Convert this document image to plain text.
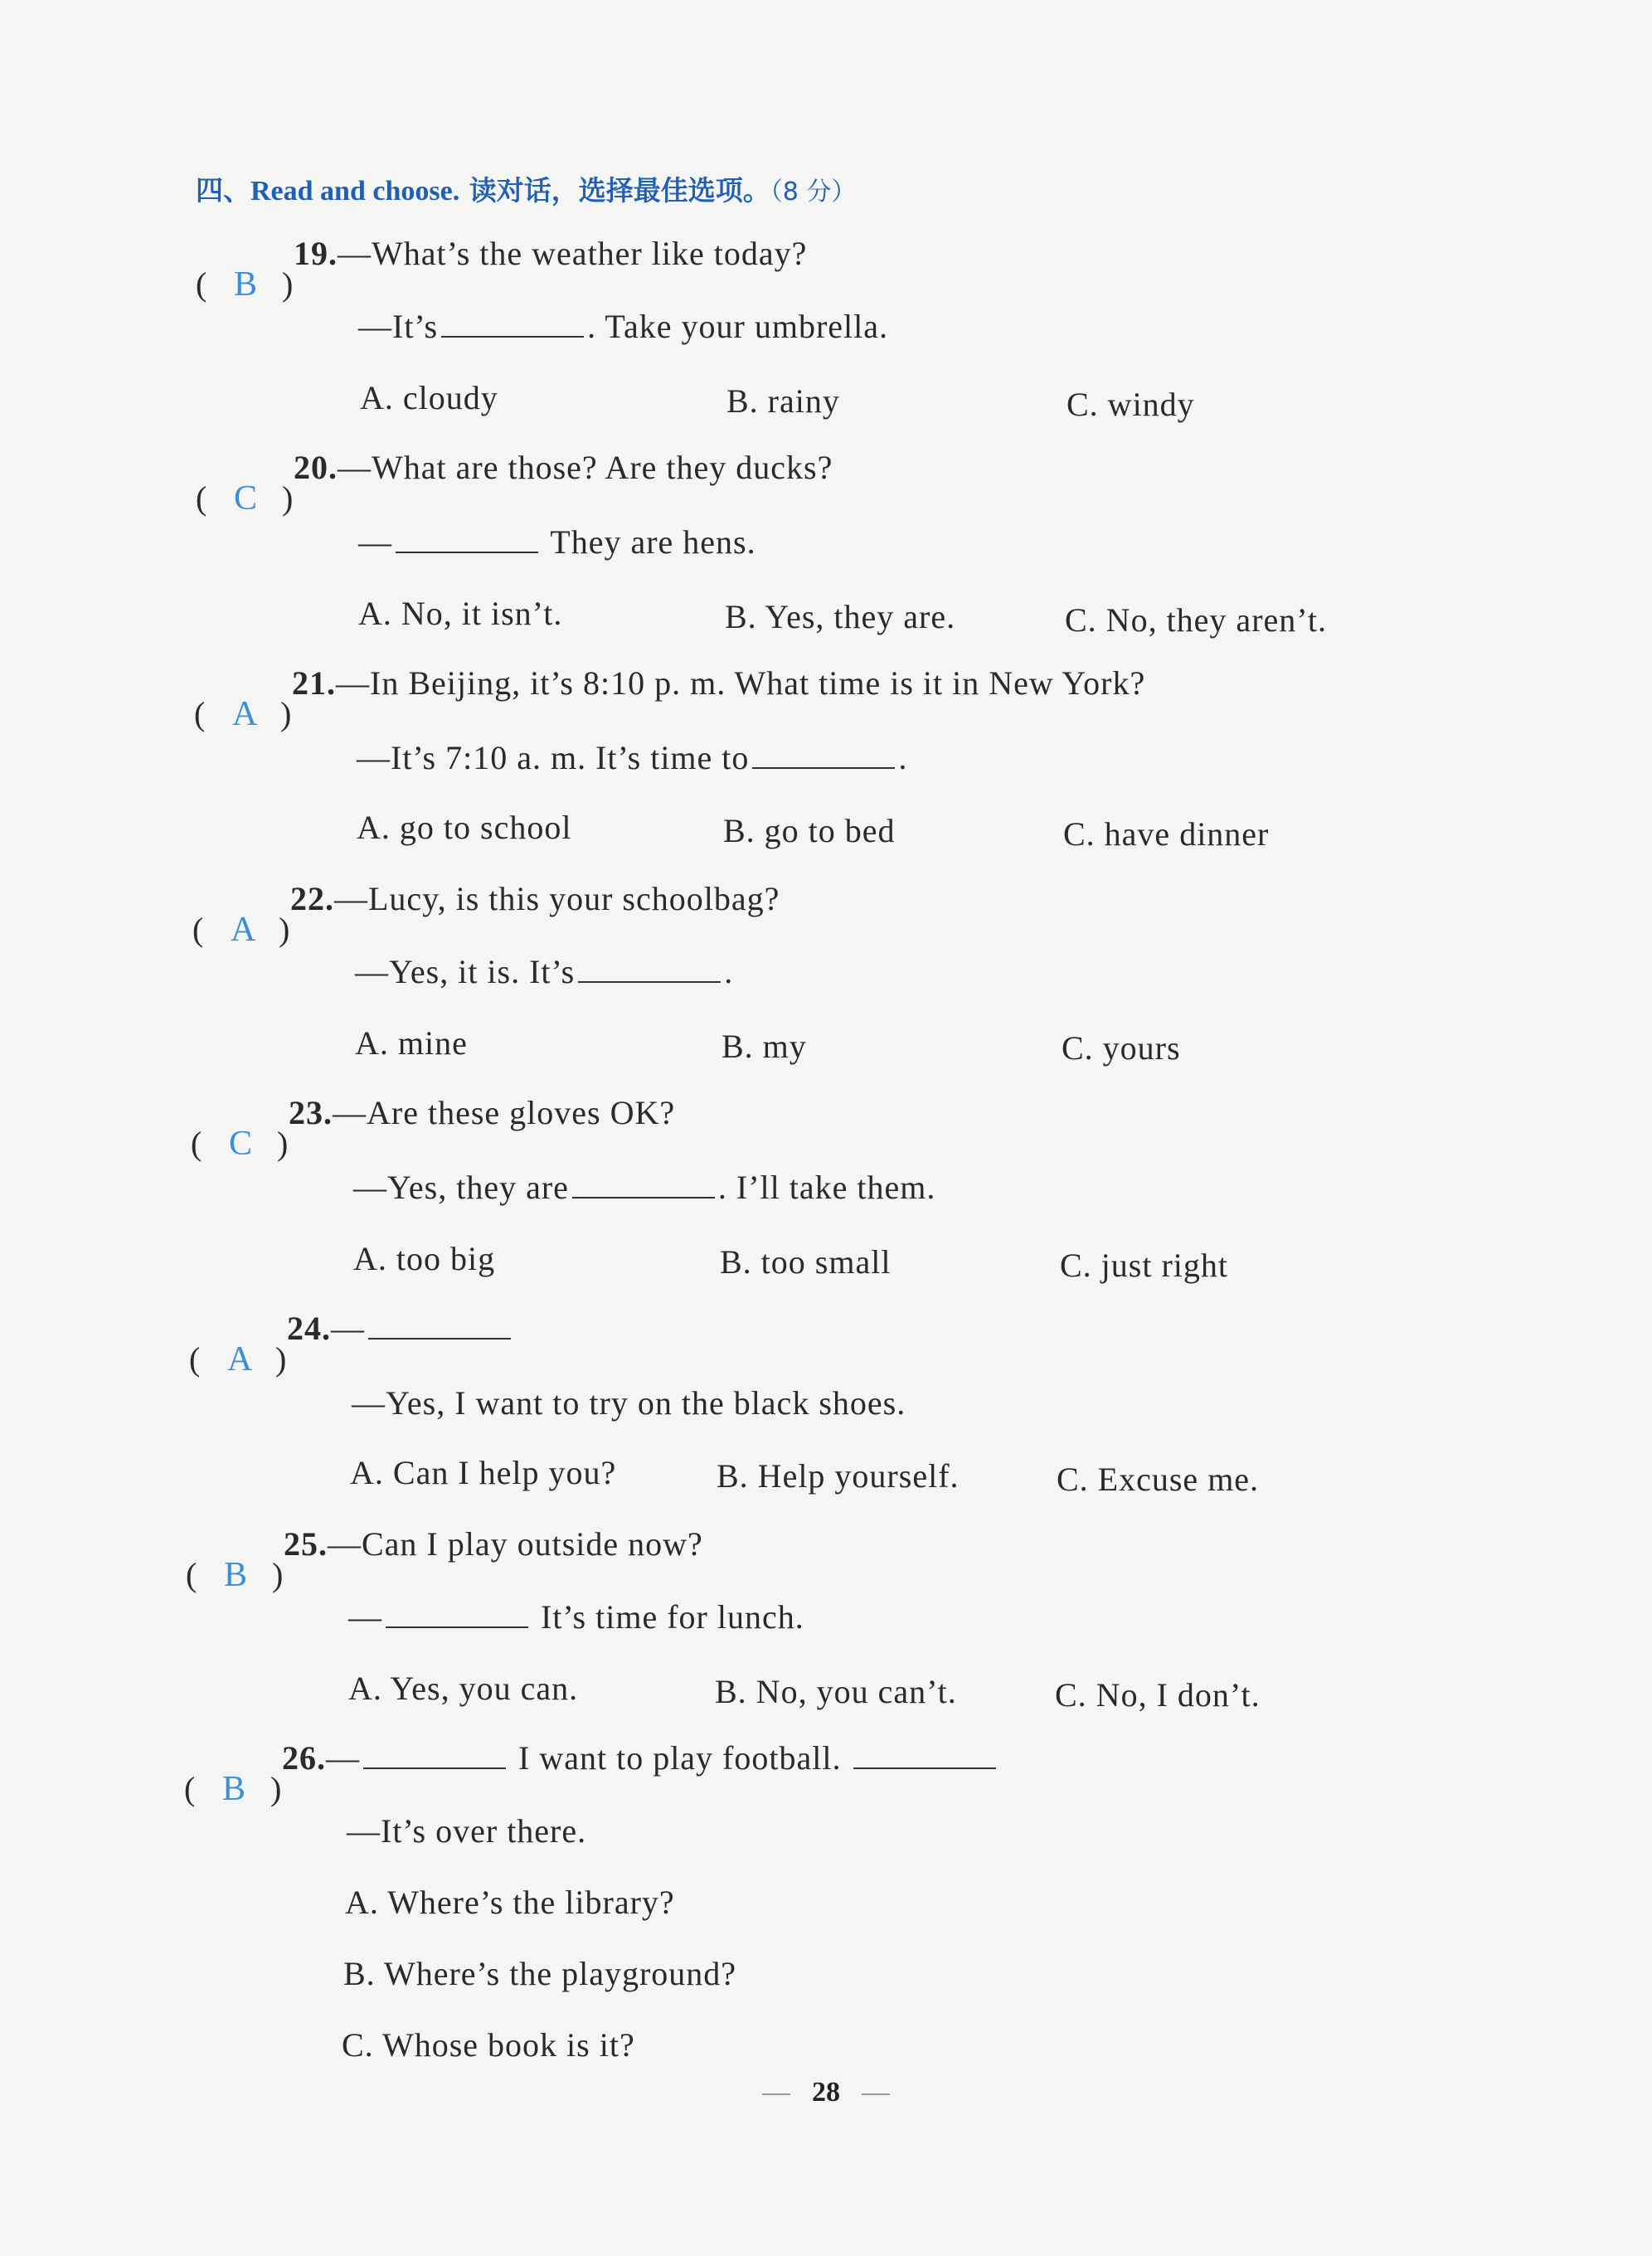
四、Read and choose. 读对话，选择最佳选项。（8 分）
( B )
19.—What’s the weather like today?
—It’s	. Take your umbrella.
A. cloudy	B. rainy	C. windy
( C )
20.—What are those? Are they ducks?
—	They are hens.
A. No, it isn’t.	B. Yes, they are.	C. No, they aren’t.
( A )
21.—In Beijing, it’s 8:10 p. m. What time is it in New York?
—It’s 7:10 a. m. It’s time to	.
A. go to school	B. go to bed	C. have dinner
( A )
22.—Lucy, is this your schoolbag?
—Yes, it is. It’s	.
A. mine	B. my	C. yours
( C )
23.—Are these gloves OK?
—Yes, they are	. I’ll take them.
A. too big	B. too small	C. just right
( A )
24.—
—Yes, I want to try on the black shoes.
A. Can I help you?	B. Help yourself.	C. Excuse me.
( B )
25.—Can I play outside now?
—	It’s time for lunch.
A. Yes, you can.	B. No, you can’t.	C. No, I don’t.
( B )
26.—	I want to play football.
—It’s over there.
A. Where’s the library?
B. Where’s the playground?
C. Whose book is it?
28
